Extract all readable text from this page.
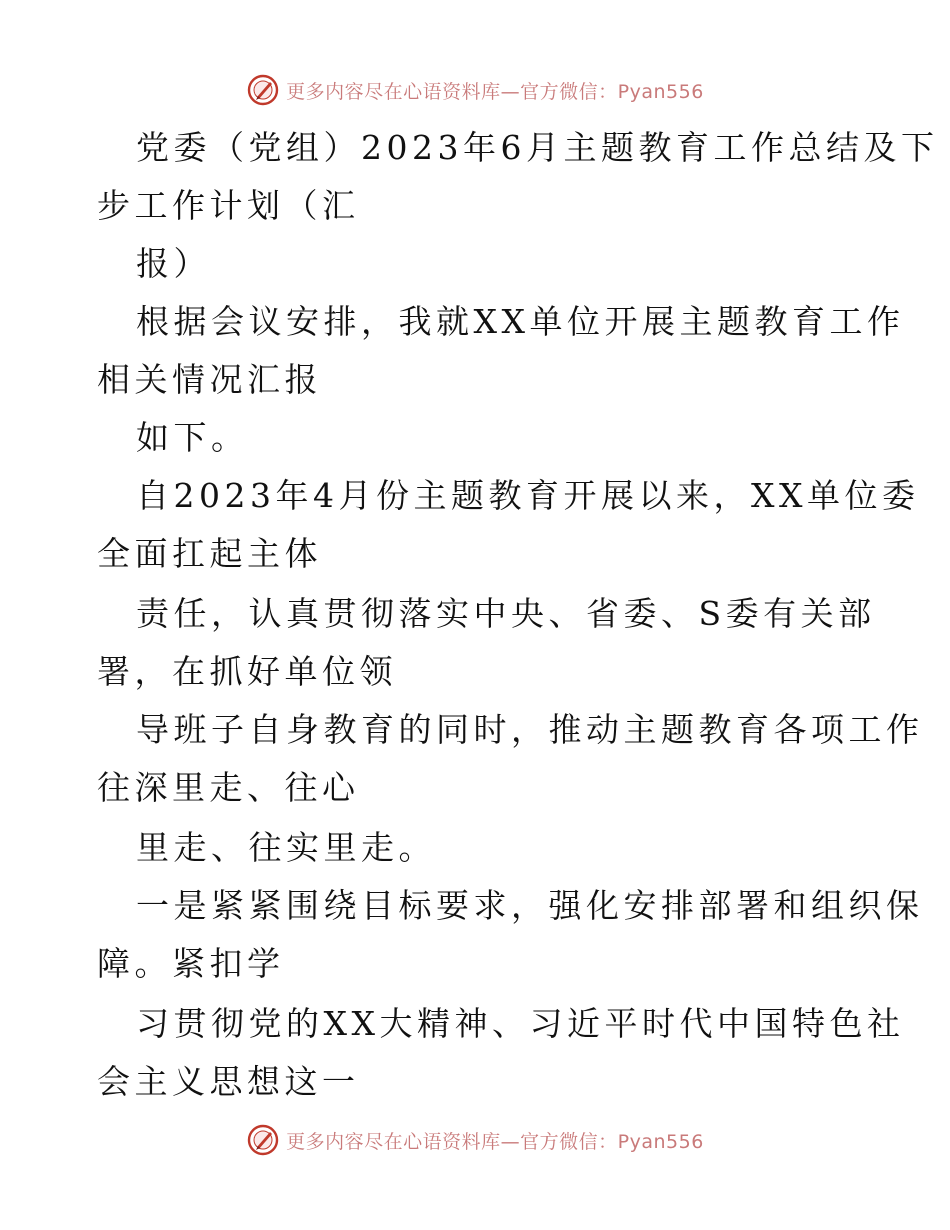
更多内容尽在心语资料库—官方微信：Pyan556
党委（党组）2023年6月主题教育工作总结及下
步工作计划（汇
报）
根据会议安排，我就XX单位开展主题教育工作
相关情况汇报
如下。
自2023年4月份主题教育开展以来，XX单位委
全面扛起主体
责任，认真贯彻落实中央、省委、S委有关部
署，在抓好单位领
导班子自身教育的同时，推动主题教育各项工作
往深里走、往心
里走、往实里走。
一是紧紧围绕目标要求，强化安排部署和组织保
障。紧扣学
习贯彻党的XX大精神、习近平时代中国特色社
会主义思想这一
更多内容尽在心语资料库—官方微信：Pyan556
